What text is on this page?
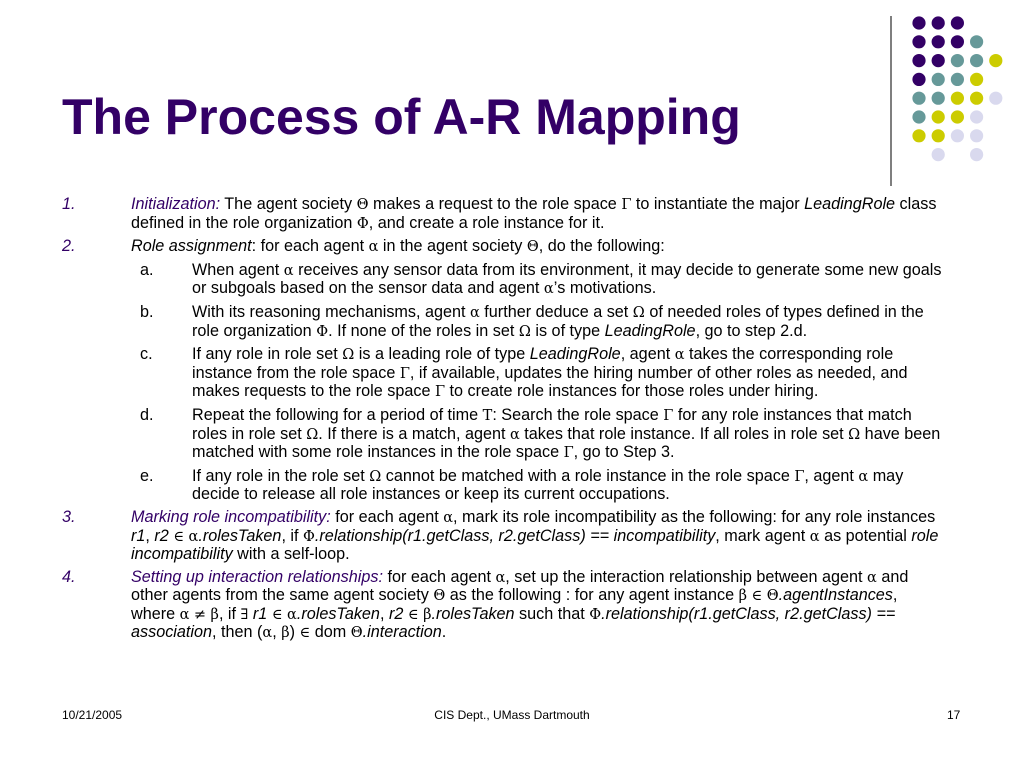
The Process of A-R Mapping
1.	Initialization: The agent society Θ makes a request to the role space Γ to instantiate the major LeadingRole class defined in the role organization Φ, and create a role instance for it.
2.	Role assignment: for each agent α in the agent society Θ, do the following:
a. When agent α receives any sensor data from its environment, it may decide to generate some new goals or subgoals based on the sensor data and agent α’s motivations.
b. With its reasoning mechanisms, agent α further deduce a set Ω of needed roles of types defined in the role organization Φ. If none of the roles in set Ω is of type LeadingRole, go to step 2.d.
c. If any role in role set Ω is a leading role of type LeadingRole, agent α takes the corresponding role instance from the role space Γ, if available, updates the hiring number of other roles as needed, and makes requests to the role space Γ to create role instances for those roles under hiring.
d. Repeat the following for a period of time Τ: Search the role space Γ for any role instances that match roles in role set Ω. If there is a match, agent α takes that role instance. If all roles in role set Ω have been matched with some role instances in the role space Γ, go to Step 3.
e. If any role in the role set Ω cannot be matched with a role instance in the role space Γ, agent α may decide to release all role instances or keep its current occupations.
3.	Marking role incompatibility: for each agent α, mark its role incompatibility as the following: for any role instances r1, r2 ∈ α.rolesTaken, if Φ.relationship(r1.getClass, r2.getClass) == incompatibility, mark agent α as potential role incompatibility with a self-loop.
4.	Setting up interaction relationships: for each agent α, set up the interaction relationship between agent α and other agents from the same agent society Θ as the following : for any agent instance β ∈ Θ.agentInstances, where α ≠ β, if ∃ r1 ∈ α.rolesTaken, r2 ∈ β.rolesTaken such that Φ.relationship(r1.getClass, r2.getClass) == association, then (α, β) ∈ dom Θ.interaction.
10/21/2005	CIS Dept., UMass Dartmouth	17
